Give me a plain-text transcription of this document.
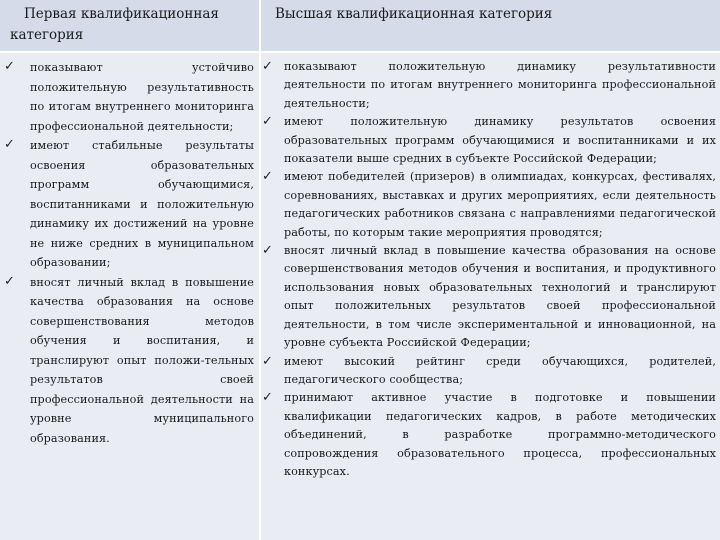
Первая квалификационная
категория
Высшая квалификационная категория
✓ показывают устойчиво положительную результативность по итогам внутреннего мониторинга профессиональной деятельности;
✓ имеют стабильные результаты освоения образовательных программ обучающимися, воспитанниками и положительную динамику их достижений на уровне не ниже средних в муниципальном образовании;
✓ вносят личный вклад в повышение качества образования на основе совершенствования методов обучения и воспитания, и транслируют опыт положи-тельных результатов своей профессиональной деятельности на уровне муниципального образования.
✓ показывают положительную динамику результативности деятельности по итогам внутреннего мониторинга профессиональной деятельности;
✓ имеют положительную динамику результатов освоения образовательных программ обучающимися и воспитанниками и их показатели выше средних в субъекте Российской Федерации;
✓ имеют победителей (призеров) в олимпиадах, конкурсах, фестивалях, соревнованиях, выставках и других мероприятиях, если деятельность педагогических работников связана с направлениями педагогической работы, по которым такие мероприятия проводятся;
✓ вносят личный вклад в повышение качества образования на основе совершенствования методов обучения и воспитания, и продуктивного использования новых образовательных технологий и транслируют опыт положительных результатов своей профессиональной деятельности, в том числе экспериментальной и инновационной, на уровне субъекта Российской Федерации;
✓ имеют высокий рейтинг среди обучающихся, родителей, педагогического сообщества;
✓ принимают активное участие в подготовке и повышении квалификации педагогических кадров, в работе методических объединений, в разработке программно-методического сопровождения образовательного процесса, профессиональных конкурсах.
